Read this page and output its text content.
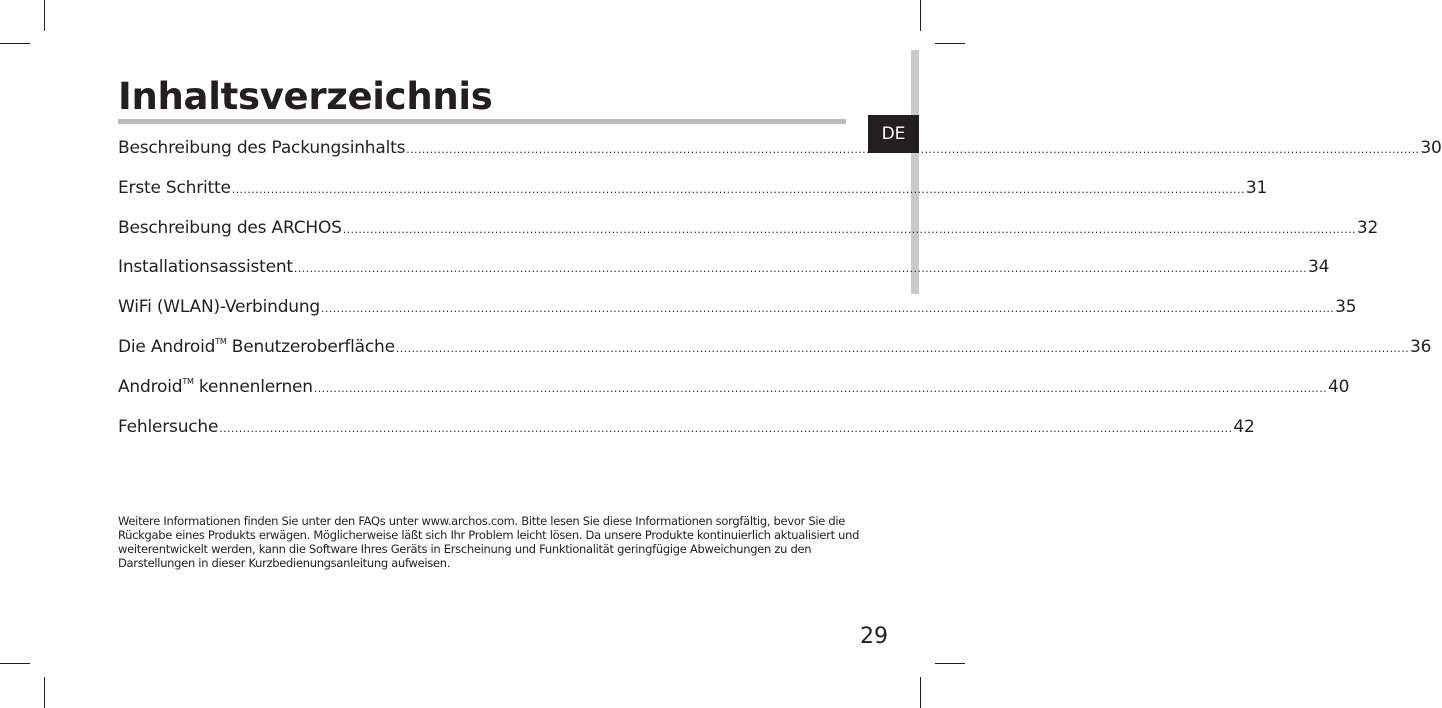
DE
Inhaltsverzeichnis
Beschreibung des Packungsinhalts .................................................................................................................................................................................................................................................................... 30
Erste Schritte .................................................................................................................................................................................................................................................................... 31
Beschreibung des ARCHOS .................................................................................................................................................................................................................................................................... 32
Installationsassistent .................................................................................................................................................................................................................................................................... 34
WiFi (WLAN)-Verbindung .................................................................................................................................................................................................................................................................... 35
Die Android™ Benutzeroberfläche .................................................................................................................................................................................................................................................................... 36
Android™ kennenlernen .................................................................................................................................................................................................................................................................... 40
Fehlersuche .................................................................................................................................................................................................................................................................... 42

Weitere Informationen finden Sie unter den FAQs unter www.archos.com. Bitte lesen Sie diese Informationen sorgfältig, bevor Sie die Rückgabe eines Produkts erwägen. Möglicherweise läßt sich Ihr Problem leicht lösen. Da unsere Produkte kontinuierlich aktualisiert und weiterentwickelt werden, kann die Software Ihres Geräts in Erscheinung und Funktionalität geringfügige Abweichungen zu den Darstellungen in dieser Kurzbedienungsanleitung aufweisen.

29
